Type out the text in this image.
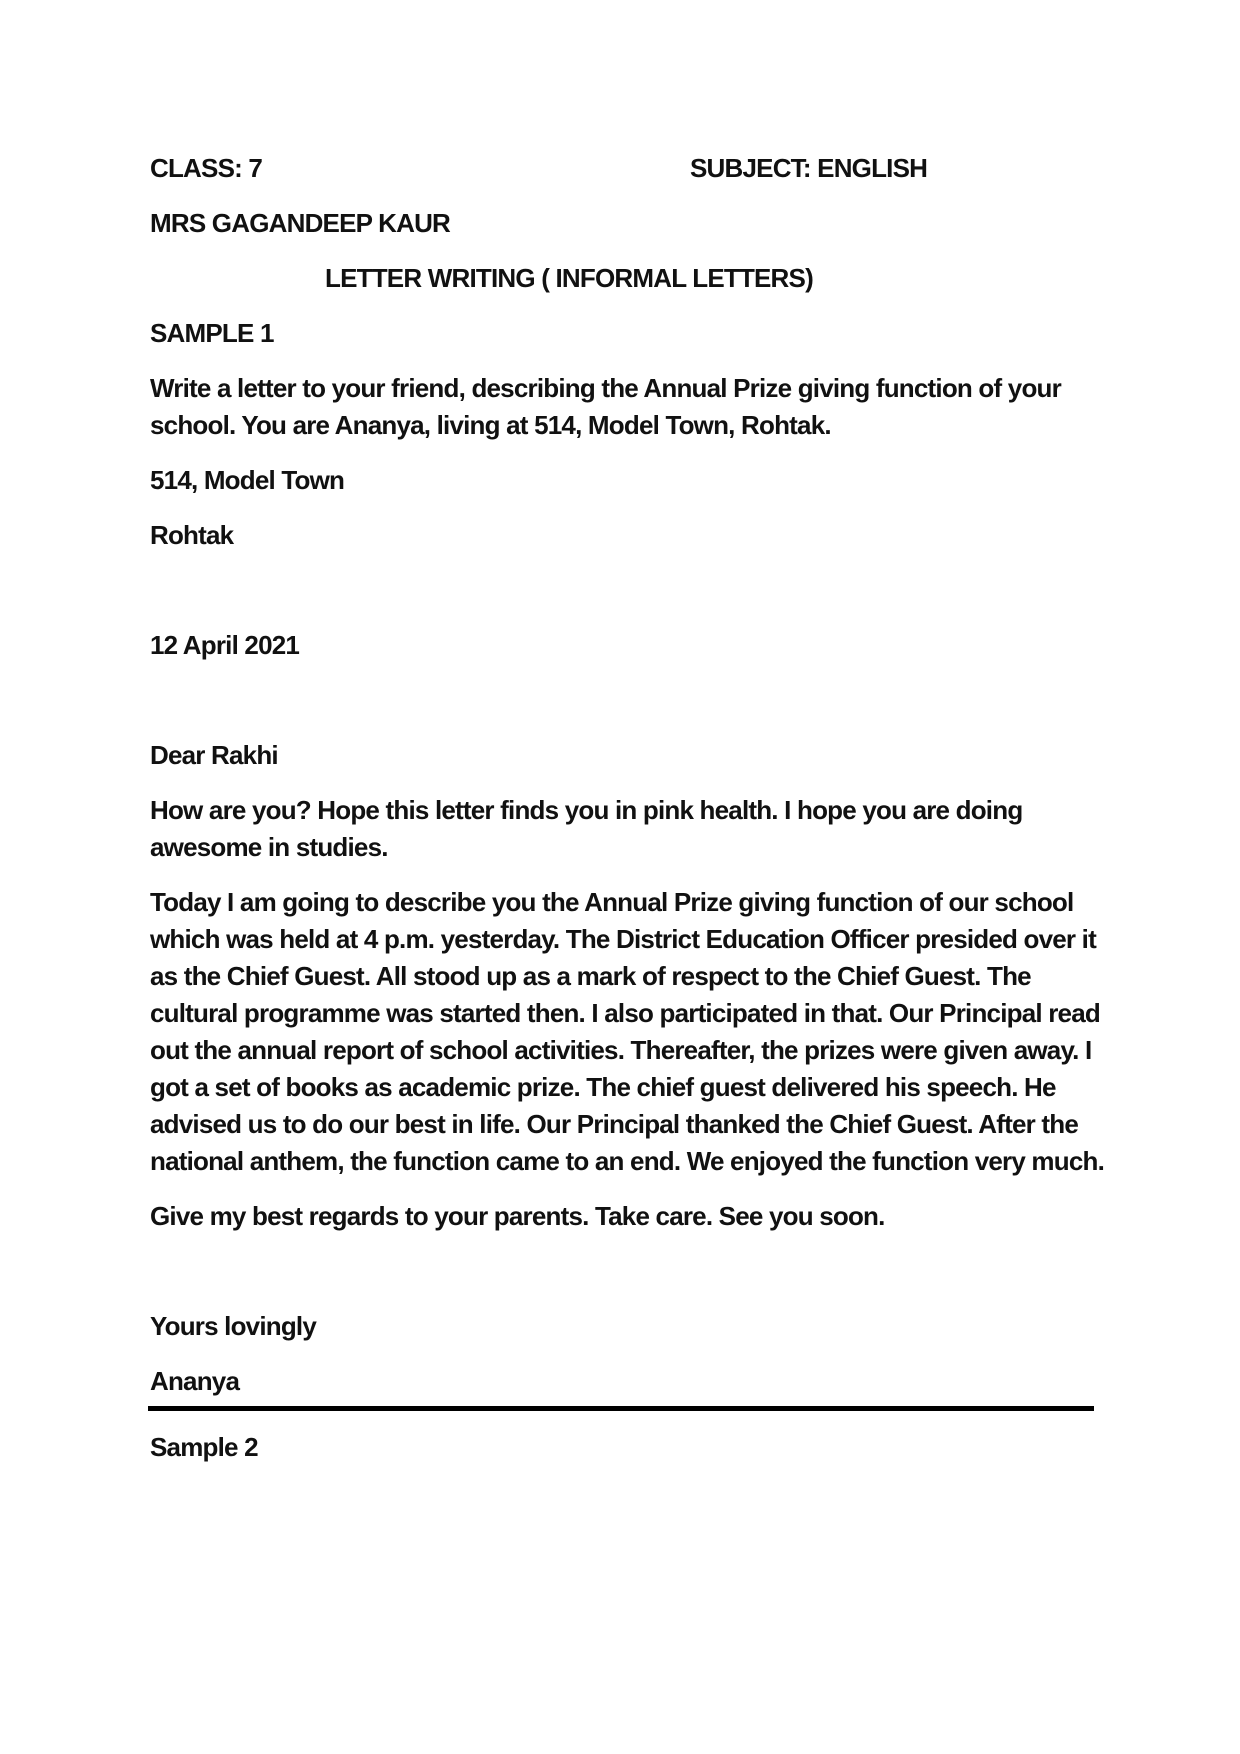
CLASS: 7	SUBJECT: ENGLISH
MRS GAGANDEEP KAUR
LETTER WRITING ( INFORMAL LETTERS)
SAMPLE 1

Write a letter to your friend, describing the Annual Prize giving function of your school. You are Ananya, living at 514, Model Town, Rohtak.

514, Model Town
Rohtak
12 April 2021
Dear Rakhi

How are you? Hope this letter finds you in pink health. I hope you are doing awesome in studies.

Today I am going to describe you the Annual Prize giving function of our school which was held at 4 p.m. yesterday. The District Education Officer presided over it as the Chief Guest. All stood up as a mark of respect to the Chief Guest. The cultural programme was started then. I also participated in that. Our Principal read out the annual report of school activities. Thereafter, the prizes were given away. I got a set of books as academic prize. The chief guest delivered his speech. He advised us to do our best in life. Our Principal thanked the Chief Guest. After the national anthem, the function came to an end. We enjoyed the function very much.

Give my best regards to your parents. Take care. See you soon.

Yours lovingly
Ananya
Sample 2
